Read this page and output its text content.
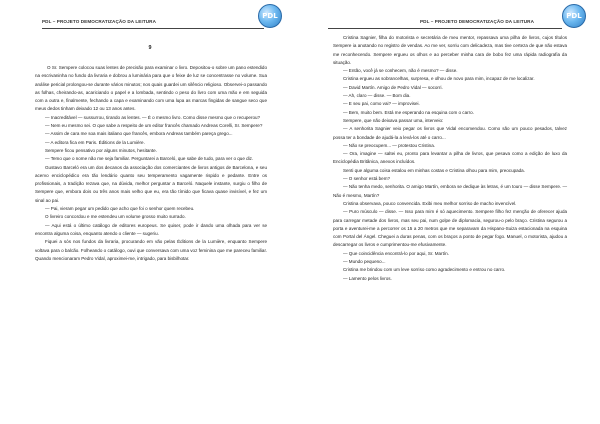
PDL – PROJETO DEMOCRATIZAÇÃO DA LEITURA
PDL
9

O Sr. Sempere colocou suas lentes de precisão para examinar o livro. Depositou-o sobre um pano estendido na escrivaninha no fundo da livraria e dobrou a luminária para que o feixe de luz se concentrasse no volume. Sua análise pericial prolongou-se durante vários minutos; nos quais guardei um silêncio religioso. Observei-o passando as folhas, cheirando-as, acariciando o papel e a lombada, sentindo o peso do livro com uma mão e em seguida com a outra e, finalmente, fechando a capa e examinando com uma lupa as marcas fingidas de sangue seco que meus dedos tinham deixado 12 ou 13 anos antes.

— Inacreditável — sussurrou, tirando as lentes. — É o mesmo livro. Como disse mesmo que o recuperou?

— Nem eu mesmo sei. O que sabe a respeito de um editor francês chamado Andreas Corelli, Sr. Sempere?

— Assim de cara me soa mais italiano que francês, embora Andreas também pareça grego...

— A editora fica em Paris. Éditions de la Lumière.

Sempere ficou pensativo por alguns minutos, hesitante.

— Temo que o nome não me seja familiar. Perguntarei a Barceló, que sabe de tudo, para ver o que diz.

Gustavo Barceló era um dos decanos da associação dos comerciantes de livros antigos de Barcelona, e seu acervo enciclopédico era tão lendário quanto seu temperamento vagamente rispido e pedante. Entre os profissionais, a tradição rezava que, na dúvida, melhor perguntar a Barceló. Naquele instante, surgiu o filho de Sempere que, embora dois ou três anos mais velho que eu, era tão tímido que ficava quase invisível, e fez um sinal ao pai.

— Pai, vieram pegar um pedido que acho que foi o senhor quem recebeu.

O livreiro concordou e me estendeu um volume grosso muito surrado.

— Aqui está o último catálogo de editores europeus. Se quiser, pode ir dando uma olhada para ver se encontra alguma coisa, enquanto atendo o cliente — sugeriu.

Fiquei a sós nos fundos da livraria, procurando em vão pelas Éditions de la Lumière, enquanto Sempere voltava para o balcão. Folheando o catálogo, ouvi que conversava com uma voz feminina que me pareceu familiar. Quando mencionaram Pedro Vidal, aproximei-me, intrigado, para bisbilhotar.

PDL – PROJETO DEMOCRATIZAÇÃO DA LEITURA
PDL

Cristina Sagnier, filha do motorista e secretária de meu mentor, repassava uma pilha de livros, cujos títulos Sempere ia anotando no registro de vendas. Ao me ver, sorriu com delicadeza, mas tive certeza de que não estava me reconhecendo. Sempere ergueu os olhos e ao perceber minha cara de bobo fez uma rápida radiografia da situação.

— Então, você já se conhecem, não é mesmo? — disse.

Cristina ergueu as sobrancelhas, surpresa, e olhou de novo para mim, incapaz de me localizar.

— David Martín. Amigo de Pedro Vidal — socorri.

— Ah, claro — disse. — Bom dia.

— E seu pai, como vai? — improvisei.

— Bem, muito bem. Está me esperando na esquina com o carro.

Sempere, que não deixava passar uma, interveio:

— A senhorita Sagnier veio pegar os livros que Vidal encomendou. Como são um pouco pesados, talvez possa ter a bondade de ajudá-la a levá-los até o carro...

— Não se preocupem... — protestou Cristina.

— Ora, imagine — saltei eu, pronto para levantar a pilha de livros, que pesava como a edição de luxo da Enciclopédia Britânica, anexos incluídos.

Senti que alguma coisa estalou em minhas costas e Cristina olhou para mim, preocupada.

— O senhor está bem?

— Não tenha medo, senhorita. O amigo Martín, embora se dedique às letras, é um touro — disse Sempere. — Não é mesmo, Martín?

Cristina observava, pouco convencida. Exibi meu melhor sorriso de macho invencível.

— Puro músculo — disse. — Isso para mim é só aquecimento. Sempere filho fez menção de oferecer ajuda para carregar metade dos livros, mas seu pai, num golpe de diplomacia, segurou-o pelo braço. Cristina segurou a porta e aventurei-me a percorrer os 15 a 20 metros que me separavam da Hispano-Suiza estacionada na esquina com Portal del Ángel. Cheguei a duras penas, com os braços a ponto de pegar fogo. Manuel, o motorista, ajudou a descarregar os livros e cumprimentou-me efusivamente.

— Que coincidência encontrá-lo por aqui, Sr. Martín.

— Mundo pequeno...

Cristina me brindou com um leve sorriso como agradecimento e entrou no carro.

— Lamento pelos livros.
